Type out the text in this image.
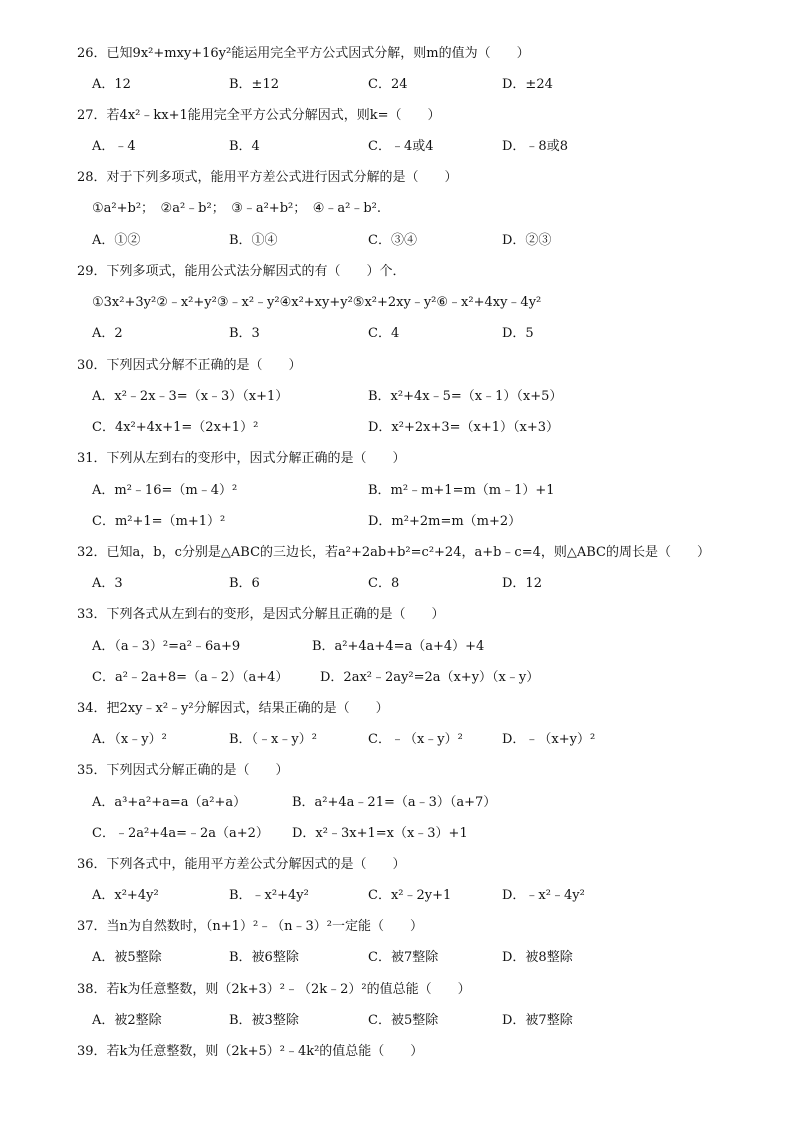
26．已知9x²+mxy+16y²能运用完全平方公式因式分解，则m的值为（　　）
A．12	B．±12	C．24	D．±24
27．若4x²﹣kx+1能用完全平方公式分解因式，则k=（　　）
A．﹣4	B．4	C．﹣4或4	D．﹣8或8
28．对于下列多项式，能用平方差公式进行因式分解的是（　　）
①a²+b²；　②a²﹣b²；　③﹣a²+b²；　④﹣a²﹣b².
A．①②	B．①④	C．③④	D．②③
29．下列多项式，能用公式法分解因式的有（　　）个．
①3x²+3y²②﹣x²+y²③﹣x²﹣y²④x²+xy+y²⑤x²+2xy﹣y²⑥﹣x²+4xy﹣4y²
A．2	B．3	C．4	D．5
30．下列因式分解不正确的是（　　）
A．x²﹣2x﹣3=（x﹣3）（x+1）	B．x²+4x﹣5=（x﹣1）（x+5）
C．4x²+4x+1=（2x+1）²	D．x²+2x+3=（x+1）（x+3）
31．下列从左到右的变形中，因式分解正确的是（　　）
A．m²﹣16=（m﹣4）²	B．m²﹣m+1=m（m﹣1）+1
C．m²+1=（m+1）²	D．m²+2m=m（m+2）
32．已知a，b，c分别是△ABC的三边长，若a²+2ab+b²=c²+24，a+b﹣c=4，则△ABC的周长是（　　）
A．3	B．6	C．8	D．12
33．下列各式从左到右的变形，是因式分解且正确的是（　　）
A．（a﹣3）²=a²﹣6a+9	B．a²+4a+4=a（a+4）+4
C．a²﹣2a+8=（a﹣2）（a+4） D．2ax²﹣2ay²=2a（x+y）（x﹣y）
34．把2xy﹣x²﹣y²分解因式，结果正确的是（　　）
A．（x﹣y）²	B．（﹣x﹣y）²	C．﹣（x﹣y）²	D．﹣（x+y）²
35．下列因式分解正确的是（　　）
A．a³+a²+a=a（a²+a）	B．a²+4a﹣21=（a﹣3）（a+7）
C．﹣2a²+4a=﹣2a（a+2） D．x²﹣3x+1=x（x﹣3）+1
36．下列各式中，能用平方差公式分解因式的是（　　）
A．x²+4y²	B．﹣x²+4y²	C．x²﹣2y+1	D．﹣x²﹣4y²
37．当n为自然数时，（n+1）²﹣（n﹣3）²一定能（　　）
A．被5整除	B．被6整除	C．被7整除	D．被8整除
38．若k为任意整数，则（2k+3）²﹣（2k﹣2）²的值总能（　　）
A．被2整除	B．被3整除	C．被5整除	D．被7整除
39．若k为任意整数，则（2k+5）²﹣4k²的值总能（　　）
